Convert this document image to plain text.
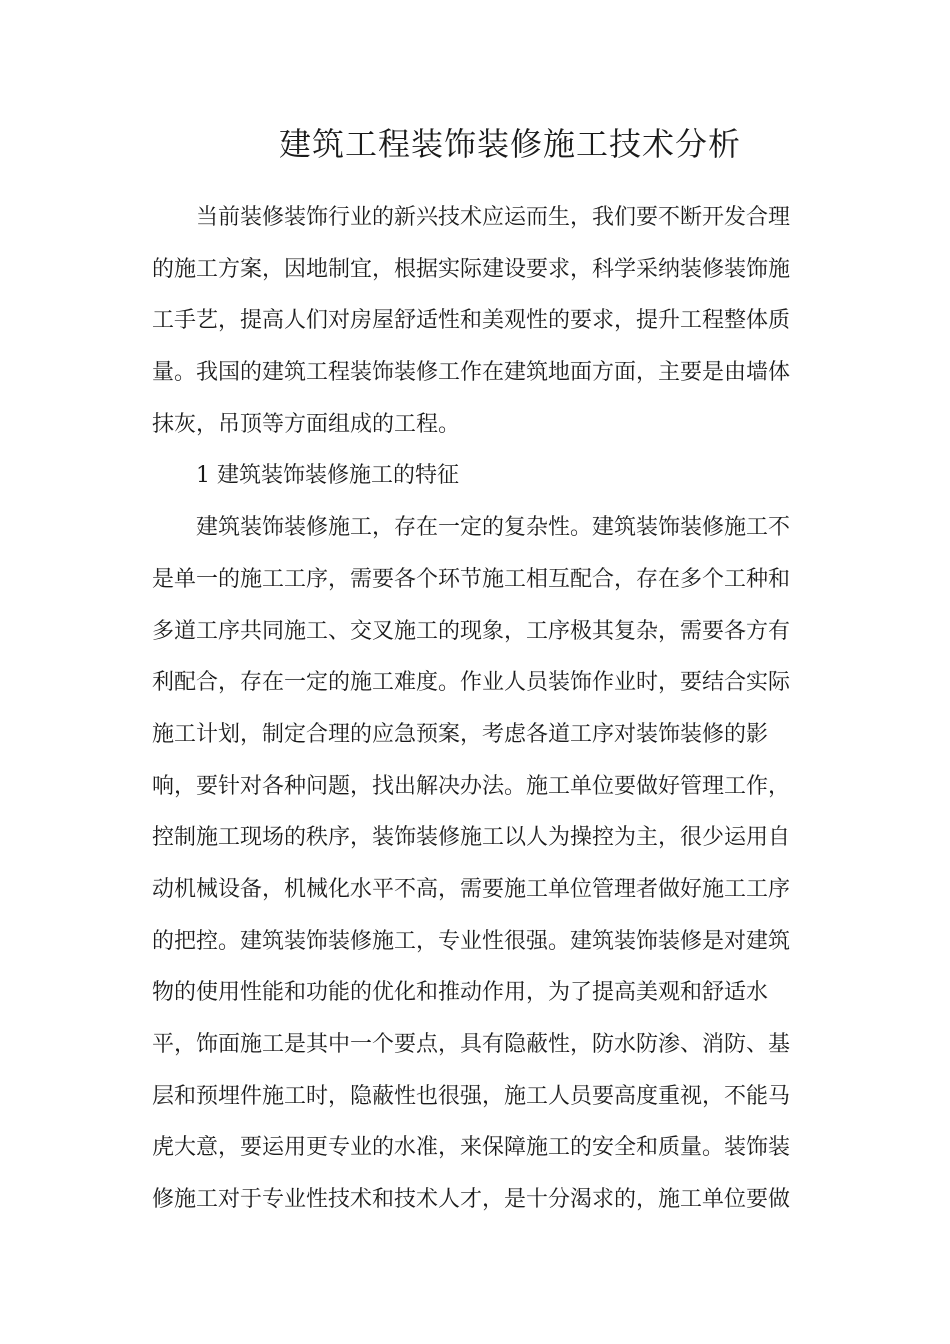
建筑工程装饰装修施工技术分析
当前装修装饰行业的新兴技术应运而生，我们要不断开发合理
的施工方案，因地制宜，根据实际建设要求，科学采纳装修装饰施
工手艺，提高人们对房屋舒适性和美观性的要求，提升工程整体质
量。我国的建筑工程装饰装修工作在建筑地面方面，主要是由墙体
抹灰，吊顶等方面组成的工程。
1 建筑装饰装修施工的特征
建筑装饰装修施工，存在一定的复杂性。建筑装饰装修施工不
是单一的施工工序，需要各个环节施工相互配合，存在多个工种和
多道工序共同施工、交叉施工的现象，工序极其复杂，需要各方有
利配合，存在一定的施工难度。作业人员装饰作业时，要结合实际
施工计划，制定合理的应急预案，考虑各道工序对装饰装修的影
响，要针对各种问题，找出解决办法。施工单位要做好管理工作，
控制施工现场的秩序，装饰装修施工以人为操控为主，很少运用自
动机械设备，机械化水平不高，需要施工单位管理者做好施工工序
的把控。建筑装饰装修施工，专业性很强。建筑装饰装修是对建筑
物的使用性能和功能的优化和推动作用，为了提高美观和舒适水
平，饰面施工是其中一个要点，具有隐蔽性，防水防渗、消防、基
层和预埋件施工时，隐蔽性也很强，施工人员要高度重视，不能马
虎大意，要运用更专业的水准，来保障施工的安全和质量。装饰装
修施工对于专业性技术和技术人才，是十分渴求的，施工单位要做
